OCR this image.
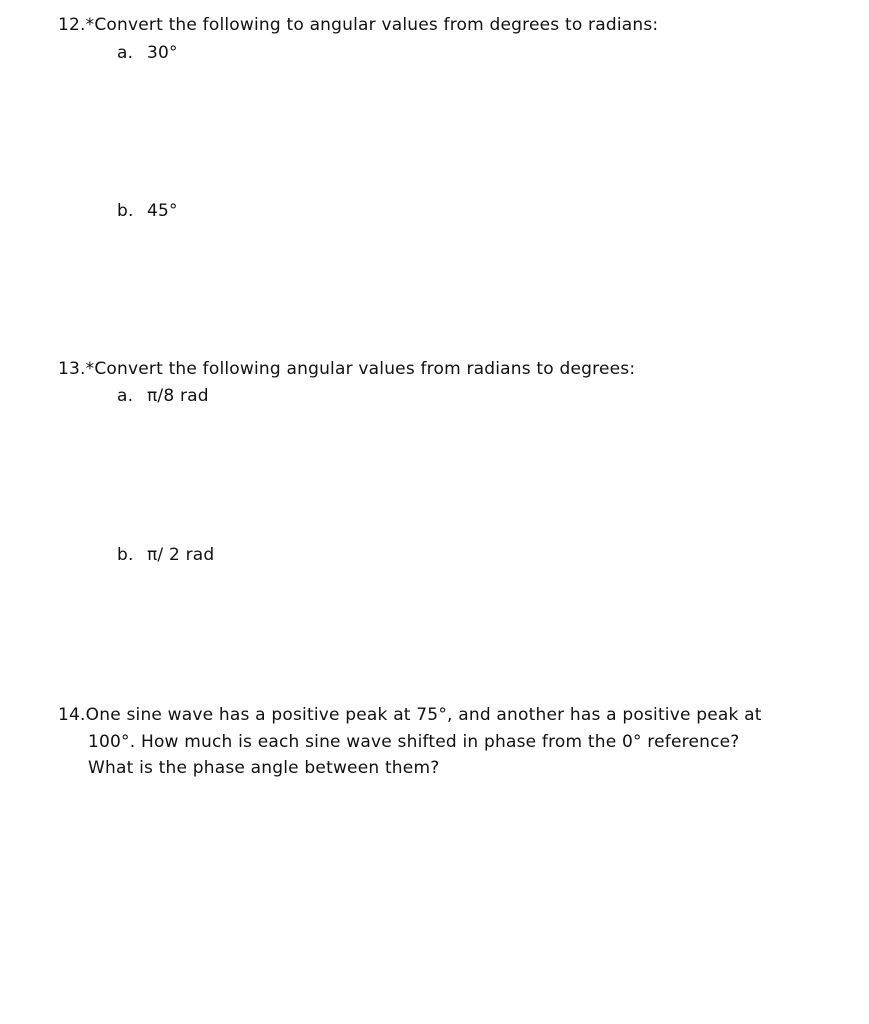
12.*Convert the following to angular values from degrees to radians:
a. 30°
b. 45°
13.*Convert the following angular values from radians to degrees:
a. π/8 rad
b. π/ 2 rad
14.One sine wave has a positive peak at 75°, and another has a positive peak at
100°. How much is each sine wave shifted in phase from the 0° reference?
What is the phase angle between them?
